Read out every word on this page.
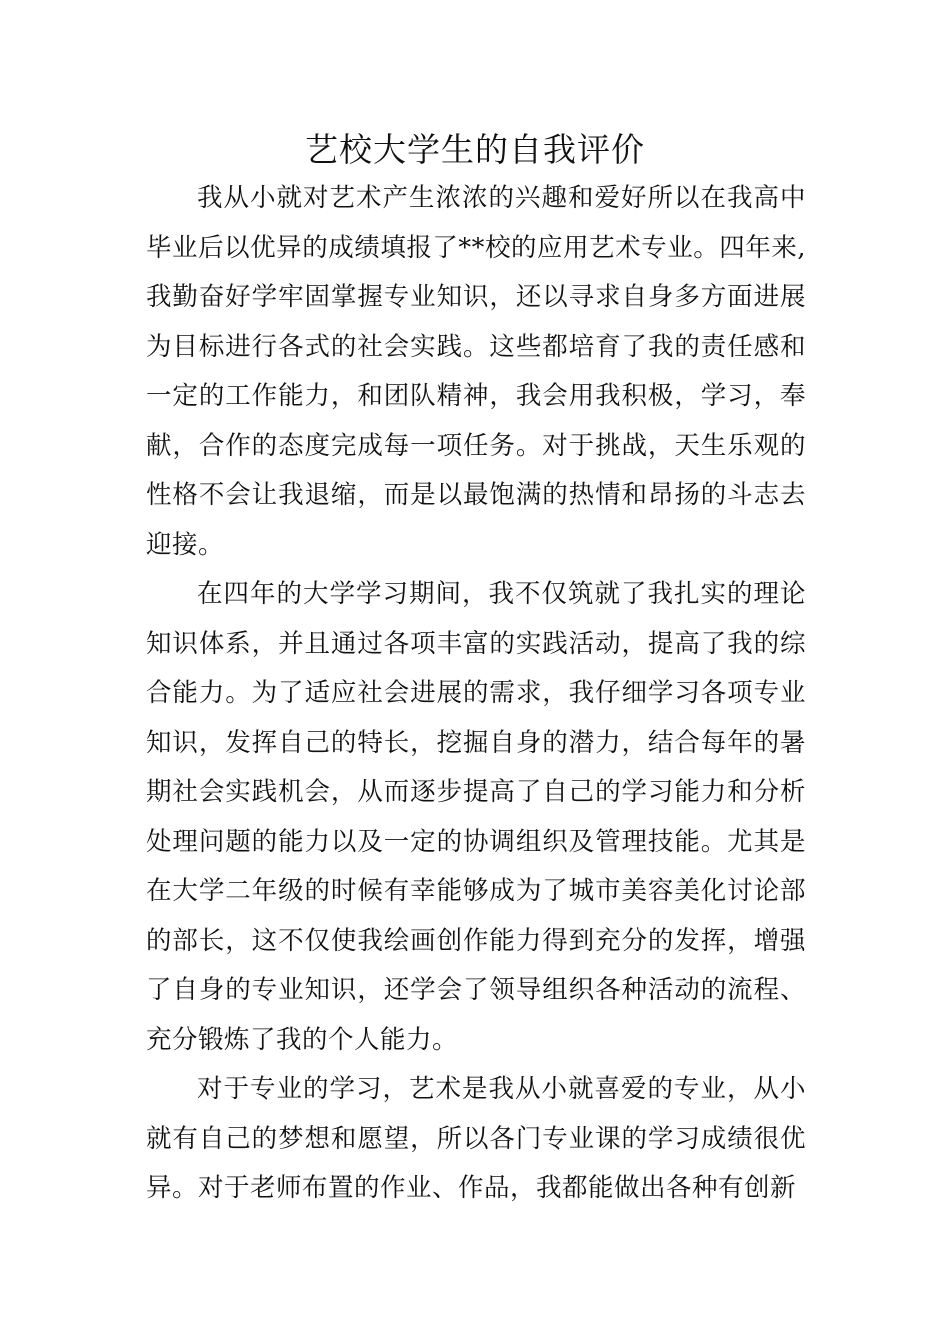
艺校大学生的自我评价

我从小就对艺术产生浓浓的兴趣和爱好所以在我高中毕业后以优异的成绩填报了**校的应用艺术专业。四年来,我勤奋好学牢固掌握专业知识，还以寻求自身多方面进展为目标进行各式的社会实践。这些都培育了我的责任感和一定的工作能力，和团队精神，我会用我积极，学习，奉献，合作的态度完成每一项任务。对于挑战，天生乐观的性格不会让我退缩，而是以最饱满的热情和昂扬的斗志去迎接。

在四年的大学学习期间，我不仅筑就了我扎实的理论知识体系，并且通过各项丰富的实践活动，提高了我的综合能力。为了适应社会进展的需求，我仔细学习各项专业知识，发挥自己的特长，挖掘自身的潜力，结合每年的暑期社会实践机会，从而逐步提高了自己的学习能力和分析处理问题的能力以及一定的协调组织及管理技能。尤其是在大学二年级的时候有幸能够成为了城市美容美化讨论部的部长，这不仅使我绘画创作能力得到充分的发挥，增强了自身的专业知识，还学会了领导组织各种活动的流程、充分锻炼了我的个人能力。

对于专业的学习，艺术是我从小就喜爱的专业，从小就有自己的梦想和愿望，所以各门专业课的学习成绩很优异。对于老师布置的作业、作品，我都能做出各种有创新
